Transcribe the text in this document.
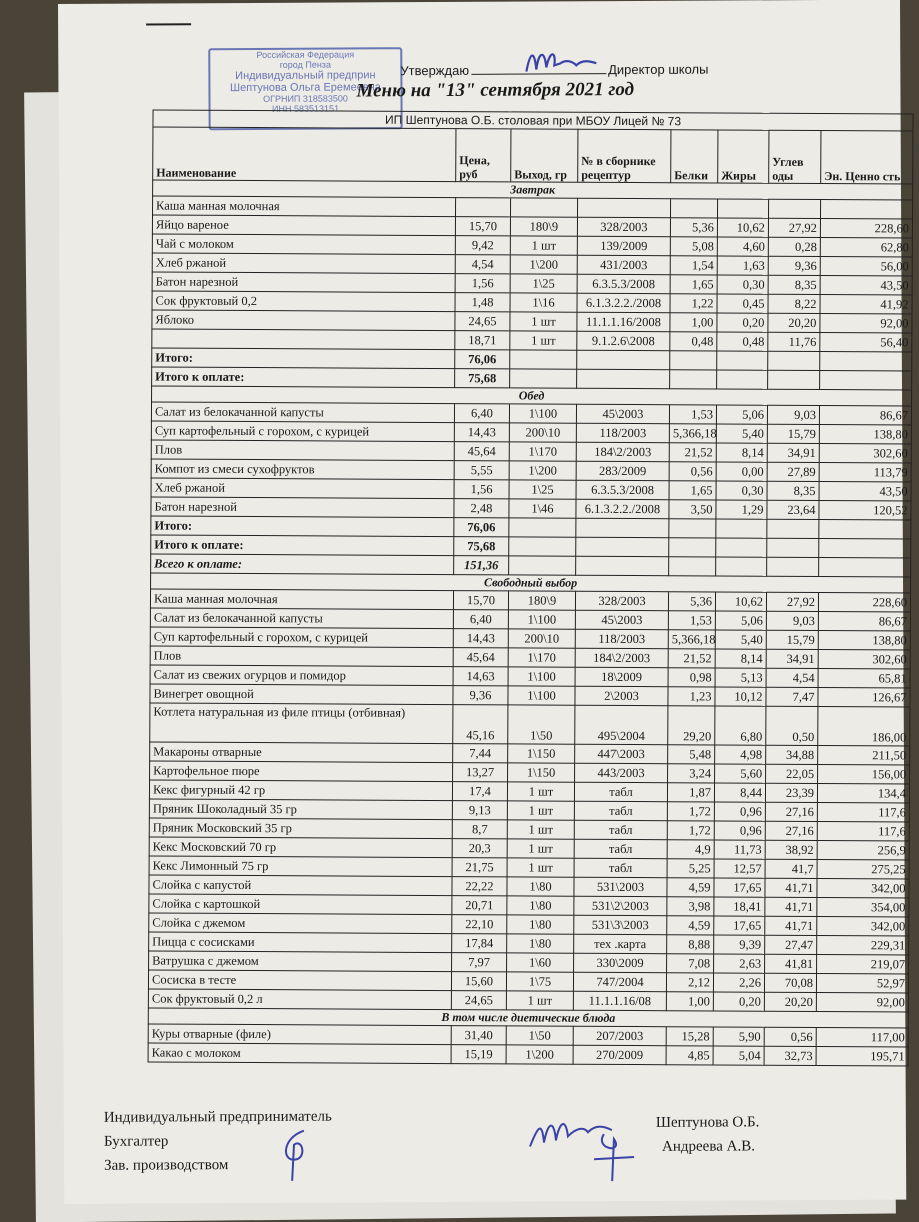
Российская Федерация
город Пенза
Индивидуальный предприн
Шептунова Ольга Еремеевна
ОГРНИП 318583500
ИНН 583513151
Утверждаю	Директор школы
Меню на "13" сентября 2021 год
ИП Шептунова О.Б. столовая при МБОУ Лицей № 73							
Наименование	Цена, руб	Выход, гр	№ в сборнике рецептур	Белки	Жиры	Углев оды	Эн. Ценно сть
Завтрак							
Каша манная молочная							
Яйцо вареное	15,70	180\9	328/2003	5,36	10,62	27,92	228,60
Чай с молоком	9,42	1 шт	139/2009	5,08	4,60	0,28	62,80
Хлеб ржаной	4,54	1\200	431/2003	1,54	1,63	9,36	56,00
Батон нарезной	1,56	1\25	6.3.5.3/2008	1,65	0,30	8,35	43,50
Сок фруктовый 0,2	1,48	1\16	6.1.3.2.2./2008	1,22	0,45	8,22	41,92
Яблоко	24,65	1 шт	11.1.1.16/2008	1,00	0,20	20,20	92,00
	18,71	1 шт	9.1.2.6\2008	0,48	0,48	11,76	56,40
Итого:	76,06						
Итого к оплате:	75,68						
Обед							
Салат из белокачанной капусты	6,40	1\100	45\2003	1,53	5,06	9,03	86,67
Суп картофельный с горохом, с курицей	14,43	200\10	118/2003	5,366,18	5,40	15,79	138,80
Плов	45,64	1\170	184\2/2003	21,52	8,14	34,91	302,60
Компот из смеси сухофруктов	5,55	1\200	283/2009	0,56	0,00	27,89	113,79
Хлеб ржаной	1,56	1\25	6.3.5.3/2008	1,65	0,30	8,35	43,50
Батон нарезной	2,48	1\46	6.1.3.2.2./2008	3,50	1,29	23,64	120,52
Итого:	76,06						
Итого к оплате:	75,68						
Всего к оплате:	151,36						
Свободный выбор							
Каша манная молочная	15,70	180\9	328/2003	5,36	10,62	27,92	228,60
Салат из белокачанной капусты	6,40	1\100	45\2003	1,53	5,06	9,03	86,67
Суп картофельный с горохом, с курицей	14,43	200\10	118/2003	5,366,18	5,40	15,79	138,80
Плов	45,64	1\170	184\2/2003	21,52	8,14	34,91	302,60
Салат из свежих огурцов и помидор	14,63	1\100	18\2009	0,98	5,13	4,54	65,81
Винегрет овощной	9,36	1\100	2\2003	1,23	10,12	7,47	126,67
Котлета натуральная из филе птицы (отбивная)	45,16	1\50	495\2004	29,20	6,80	0,50	186,00
Макароны отварные	7,44	1\150	447\2003	5,48	4,98	34,88	211,50
Картофельное пюре	13,27	1\150	443/2003	3,24	5,60	22,05	156,00
Кекс фигурный 42 гр	17,4	1 шт	табл	1,87	8,44	23,39	134,4
Пряник Шоколадный 35 гр	9,13	1 шт	табл	1,72	0,96	27,16	117,6
Пряник Московский 35 гр	8,7	1 шт	табл	1,72	0,96	27,16	117,6
Кекс Московский 70 гр	20,3	1 шт	табл	4,9	11,73	38,92	256,9
Кекс Лимонный 75 гр	21,75	1 шт	табл	5,25	12,57	41,7	275,25
Слойка с капустой	22,22	1\80	531\2003	4,59	17,65	41,71	342,00
Слойка с картошкой	20,71	1\80	531\2\2003	3,98	18,41	41,71	354,00
Слойка с джемом	22,10	1\80	531\3\2003	4,59	17,65	41,71	342,00
Пицца с сосисками	17,84	1\80	тех .карта	8,88	9,39	27,47	229,31
Ватрушка с джемом	7,97	1\60	330\2009	7,08	2,63	41,81	219,07
Сосиска в тесте	15,60	1\75	747/2004	2,12	2,26	70,08	52,97
Сок фруктовый 0,2 л	24,65	1 шт	11.1.1.16/08	1,00	0,20	20,20	92,00
В том числе диетические блюда							
Куры отварные (филе)	31,40	1\50	207/2003	15,28	5,90	0,56	117,00
Какао с молоком	15,19	1\200	270/2009	4,85	5,04	32,73	195,71
Индивидуальный предприниматель
Бухгалтер
Зав. производством
Шептунова О.Б.
Андреева А.В.
